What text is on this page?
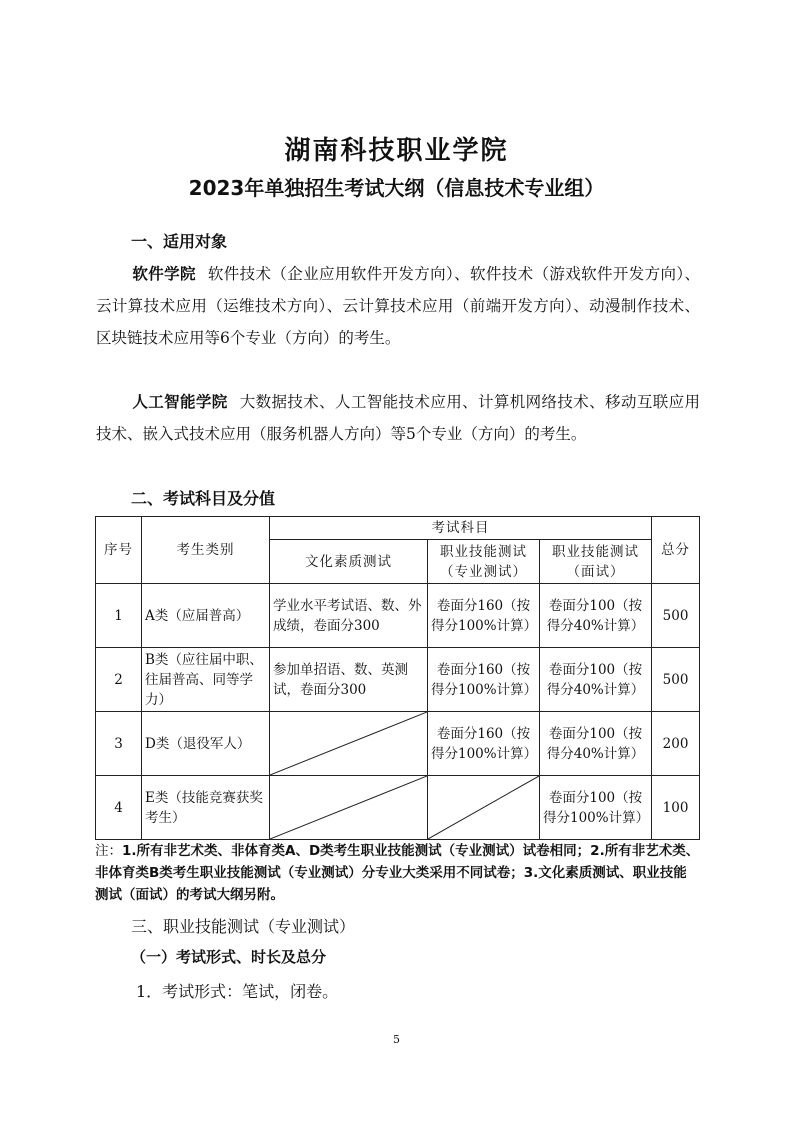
湖南科技职业学院
2023年单独招生考试大纲（信息技术专业组）
一、适用对象
软件学院 软件技术（企业应用软件开发方向）、软件技术（游戏软件开发方向）、云计算技术应用（运维技术方向）、云计算技术应用（前端开发方向）、动漫制作技术、区块链技术应用等6个专业（方向）的考生。
人工智能学院 大数据技术、人工智能技术应用、计算机网络技术、移动互联应用技术、嵌入式技术应用（服务机器人方向）等5个专业（方向）的考生。
二、考试科目及分值
序号	考生类别	考试科目			总分
		文化素质测试	职业技能测试（专业测试）	职业技能测试（面试）	
1	A类（应届普高）	学业水平考试语、数、外成绩，卷面分300	卷面分160（按得分100%计算）	卷面分100（按得分40%计算）	500
2	B类（应往届中职、往届普高、同等学力）	参加单招语、数、英测试，卷面分300	卷面分160（按得分100%计算）	卷面分100（按得分40%计算）	500
3	D类（退役军人）		卷面分160（按得分100%计算）	卷面分100（按得分40%计算）	200
4	E类（技能竞赛获奖考生）			卷面分100（按得分100%计算）	100
注：1.所有非艺术类、非体育类A、D类考生职业技能测试（专业测试）试卷相同；2.所有非艺术类、非体育类B类考生职业技能测试（专业测试）分专业大类采用不同试卷；3.文化素质测试、职业技能测试（面试）的考试大纲另附。
三、职业技能测试（专业测试）
（一）考试形式、时长及总分
1．考试形式：笔试，闭卷。
5
